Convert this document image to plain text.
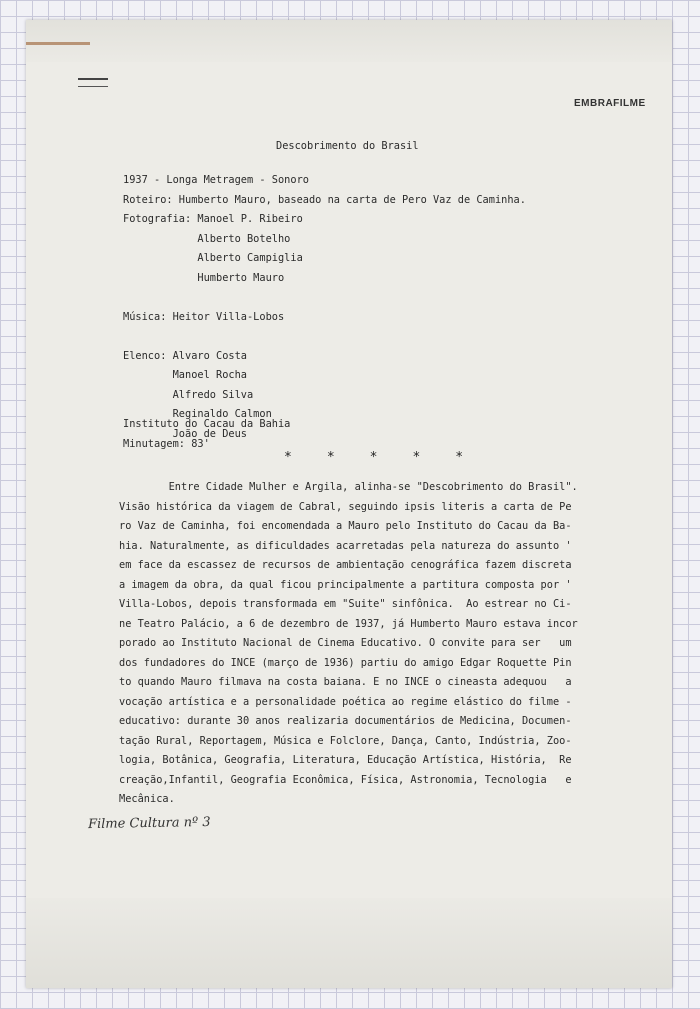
EMBRAFILME
Descobrimento do Brasil
1937 - Longa Metragem - Sonoro
Roteiro: Humberto Mauro, baseado na carta de Pero Vaz de Caminha.
Fotografia: Manoel P. Ribeiro
Alberto Botelho
Alberto Campiglia
Humberto Mauro

Música: Heitor Villa-Lobos

Elenco: Alvaro Costa
Manoel Rocha
Alfredo Silva
Reginaldo Calmon
João de Deus
Instituto do Cacau da Bahia
Minutagem: 83'
*****
Entre Cidade Mulher e Argila, alinha-se "Descobrimento do Brasil".
Visão histórica da viagem de Cabral, seguindo ipsis literis a carta de Pe
ro Vaz de Caminha, foi encomendada a Mauro pelo Instituto do Cacau da Ba-
hia. Naturalmente, as dificuldades acarretadas pela natureza do assunto '
em face da escassez de recursos de ambientação cenográfica fazem discreta
a imagem da obra, da qual ficou principalmente a partitura composta por '
Villa-Lobos, depois transformada em "Suite" sinfônica.  Ao estrear no Ci-
ne Teatro Palácio, a 6 de dezembro de 1937, já Humberto Mauro estava incor
porado ao Instituto Nacional de Cinema Educativo. O convite para ser   um
dos fundadores do INCE (março de 1936) partiu do amigo Edgar Roquette Pin
to quando Mauro filmava na costa baiana. E no INCE o cineasta adequou   a
vocação artística e a personalidade poética ao regime elástico do filme -
educativo: durante 30 anos realizaria documentários de Medicina, Documen-
tação Rural, Reportagem, Música e Folclore, Dança, Canto, Indústria, Zoo-
logia, Botânica, Geografia, Literatura, Educação Artística, História,  Re
creação,Infantil, Geografia Econômica, Física, Astronomia, Tecnologia   e
Mecânica.
Filme Cultura nº 3
